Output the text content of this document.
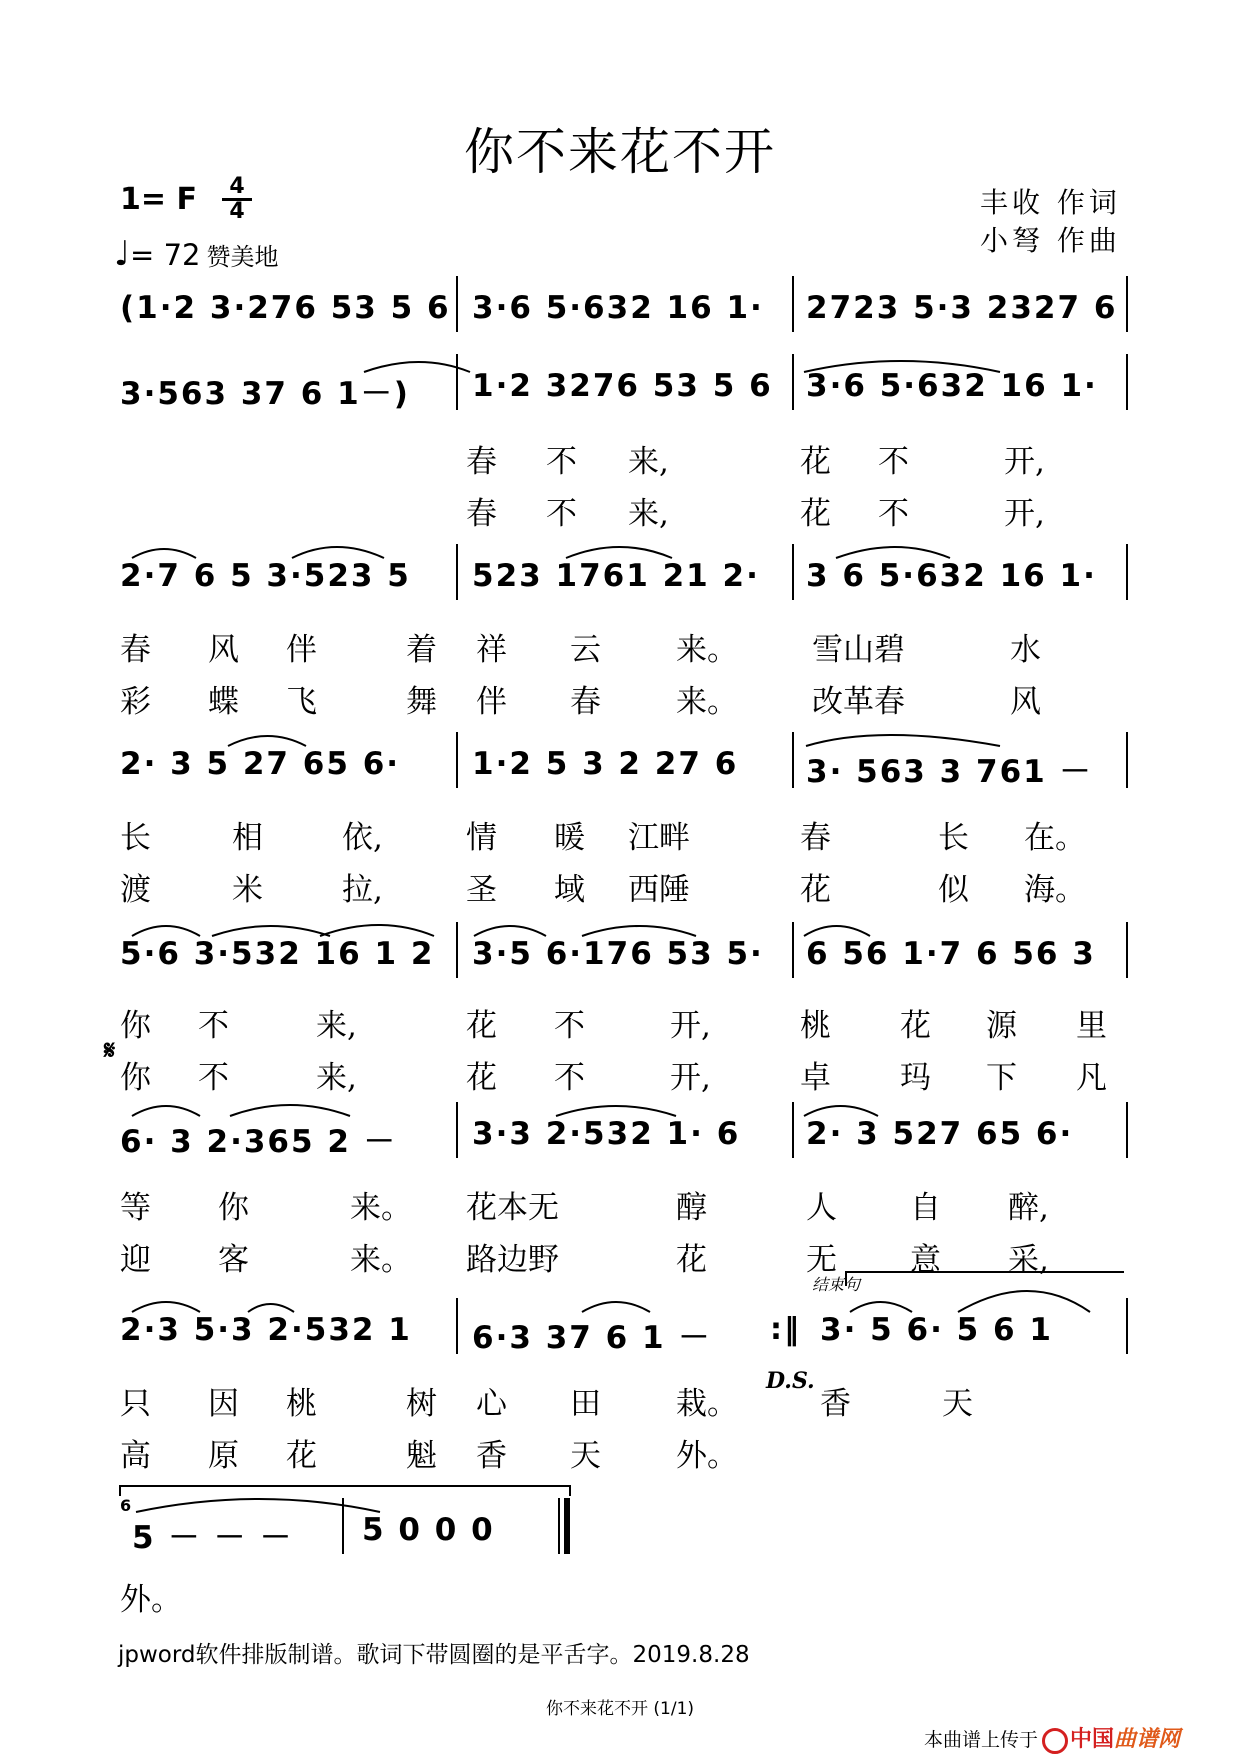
你不来花不开
1= F	4
4
♩= 72 赞美地
丰收 作词
小弩 作曲
(1·2 3·276 53 5 6 3·6 5·632 16 1· 2723 5·3 2327 6
3·563 37 6 1－) 1·2 3276 53 5 6 3·6 5·632 16 1·
春 不 来,	花 不	开,
春 不 来,	花 不	开,
2·7 6 5 3·523 5 523 1761 21 2· 3 6 5·632 16 1·
春 风 伴	着 祥 云 来。 雪山碧	水
彩 蝶 飞	舞 伴 春 来。 改革春	风
2· 3 5 27 65 6· 1·2 5 3 2 27 6 3· 563 3 761 －
长	相	依,	情 暖 江畔	春	长 在。
渡	米	拉,	圣 域 西陲	花	似 海。
5·6 3·532 16 1 2 3·5 6·176 53 5· 6 56 1·7 6 56 3
你 不	来,	花 不	开,	桃 花 源 里
你 不	来,	花 不	开,	卓 玛 下 凡
𝄋
6· 3 2·365 2 － 3·3 2·532 1· 6 2· 3 527 65 6·
等 你	来。 花本无	醇	人 自 醉,
迎 客	来。 路边野	花	无 意 采,
结束句
2·3 5·3 2·532 1 6·3 37 6 1 － :‖ 3· 5 6· 5 6 1
D.S.
只 因 桃	树 心 田 栽。	香	天
高 原 花	魁 香 天 外。
6
5 － － － 5 0 0 0
外。
jpword软件排版制谱。歌词下带圆圈的是平舌字。2019.8.28
你不来花不开 (1/1)
本曲谱上传于 中国曲谱网
